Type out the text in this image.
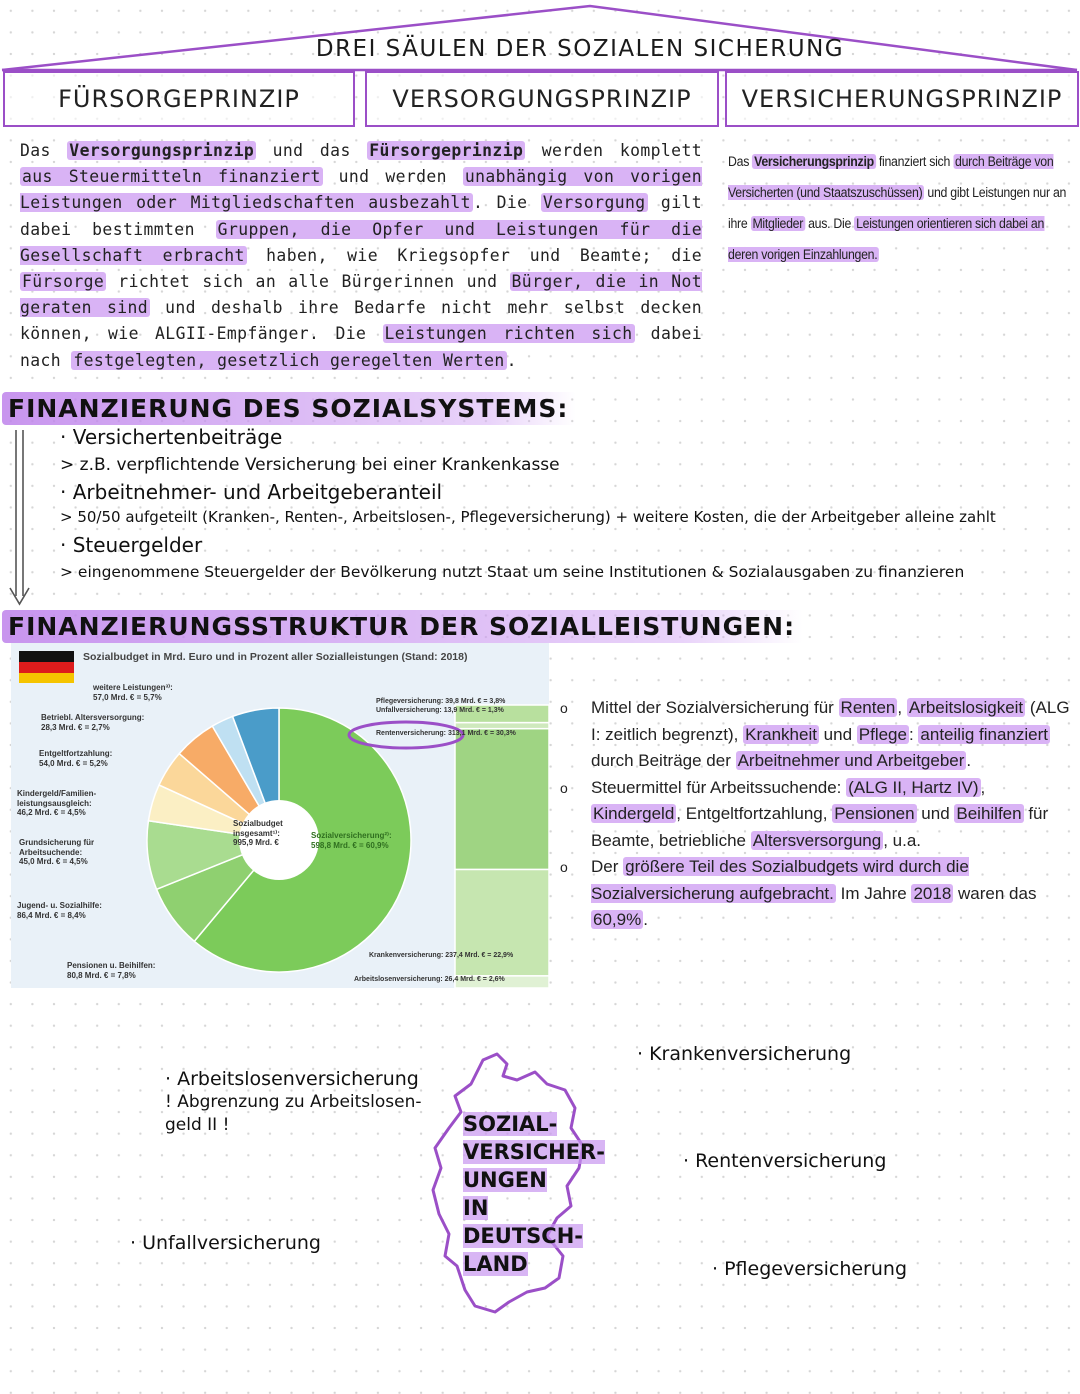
DREI SÄULEN DER SOZIALEN SICHERUNG
FÜRSORGEPRINZIP	VERSORGUNGSPRINZIP VERSICHERUNGSPRINZIP
Das Versorgungsprinzip und das Fürsorgeprinzip werden komplett aus Steuermitteln finanziert und werden unabhängig von vorigen Leistungen oder Mitgliedschaften ausbezahlt . Die Versorgung gilt dabei bestimmten Gruppen, die Opfer und Leistungen für die Gesellschaft erbracht haben, wie Kriegsopfer und Beamte; die Fürsorge richtet sich an alle Bürgerinnen und Bürger, die in Not geraten sind und deshalb ihre Bedarfe nicht mehr selbst decken können, wie ALGII-Empfänger. Die Leistungen richten sich dabei nach festgelegten, gesetzlich geregelten Werten .
Das Versicherungsprinzip finanziert sich durch Beiträge von Versicherten (und Staatszuschüssen) und gibt Leistungen nur an ihre Mitglieder aus. Die Leistungen orientieren sich dabei an deren vorigen Einzahlungen.
FINANZIERUNG DES SOZIALSYSTEMS:
· Versichertenbeiträge
> z.B. verpflichtende Versicherung bei einer Krankenkasse
· Arbeitnehmer- und Arbeitgeberanteil
> 50/50 aufgeteilt (Kranken-, Renten-, Arbeitslosen-, Pflegeversicherung) + weitere Kosten, die der Arbeitgeber alleine zahlt
· Steuergelder
> eingenommene Steuergelder der Bevölkerung nutzt Staat um seine Institutionen & Sozialausgaben zu finanzieren
FINANZIERUNGSSTRUKTUR DER SOZIALLEISTUNGEN:
Sozialbudget in Mrd. Euro und in Prozent aller Sozialleistungen (Stand: 2018)
weitere Leistungen³⁾:
57,0 Mrd. € = 5,7%
Betriebl. Altersversorgung:
28,3 Mrd. € = 2,7%
Entgeltfortzahlung:
54,0 Mrd. € = 5,2%
Kindergeld/Familien-leistungsausgleich:
46,2 Mrd. € = 4,5%
Grundsicherung für Arbeitsuchende:
45,0 Mrd. € = 4,5%
Jugend- u. Sozialhilfe:
86,4 Mrd. € = 8,4%
Pensionen u. Beihilfen:
80,8 Mrd. € = 7,8%
Sozialbudget
insgesamt¹⁾:
995,9 Mrd. €
Sozialversicherung²⁾:
598,8 Mrd. € = 60,9%
Pflegeversicherung: 39,8 Mrd. € = 3,8%
Unfallversicherung: 13,9 Mrd. € = 1,3%
Rentenversicherung: 313,1 Mrd. € = 30,3%
Krankenversicherung: 237,4 Mrd. € = 22,9%
Arbeitslosenversicherung: 26,4 Mrd. € = 2,6%
o Mittel der Sozialversicherung für Renten , Arbeitslosigkeit (ALG I: zeitlich begrenzt), Krankheit und Pflege : anteilig finanziert durch Beiträge der Arbeitnehmer und Arbeitgeber .
o Steuermittel für Arbeitssuchende: (ALG II, Hartz IV) , Kindergeld , Entgeltfortzahlung, Pensionen und Beihilfen für Beamte, betriebliche Altersversorgung , u.a.
o Der größere Teil des Sozialbudgets wird durch die Sozialversicherung aufgebracht. Im Jahre 2018 waren das 60,9% .
· Arbeitslosenversicherung
! Abgrenzung zu Arbeitslosen-
geld II !
· Unfallversicherung
· Krankenversicherung
· Rentenversicherung
· Pflegeversicherung
SOZIAL-
VERSICHER-
UNGEN
IN
DEUTSCH-
LAND
